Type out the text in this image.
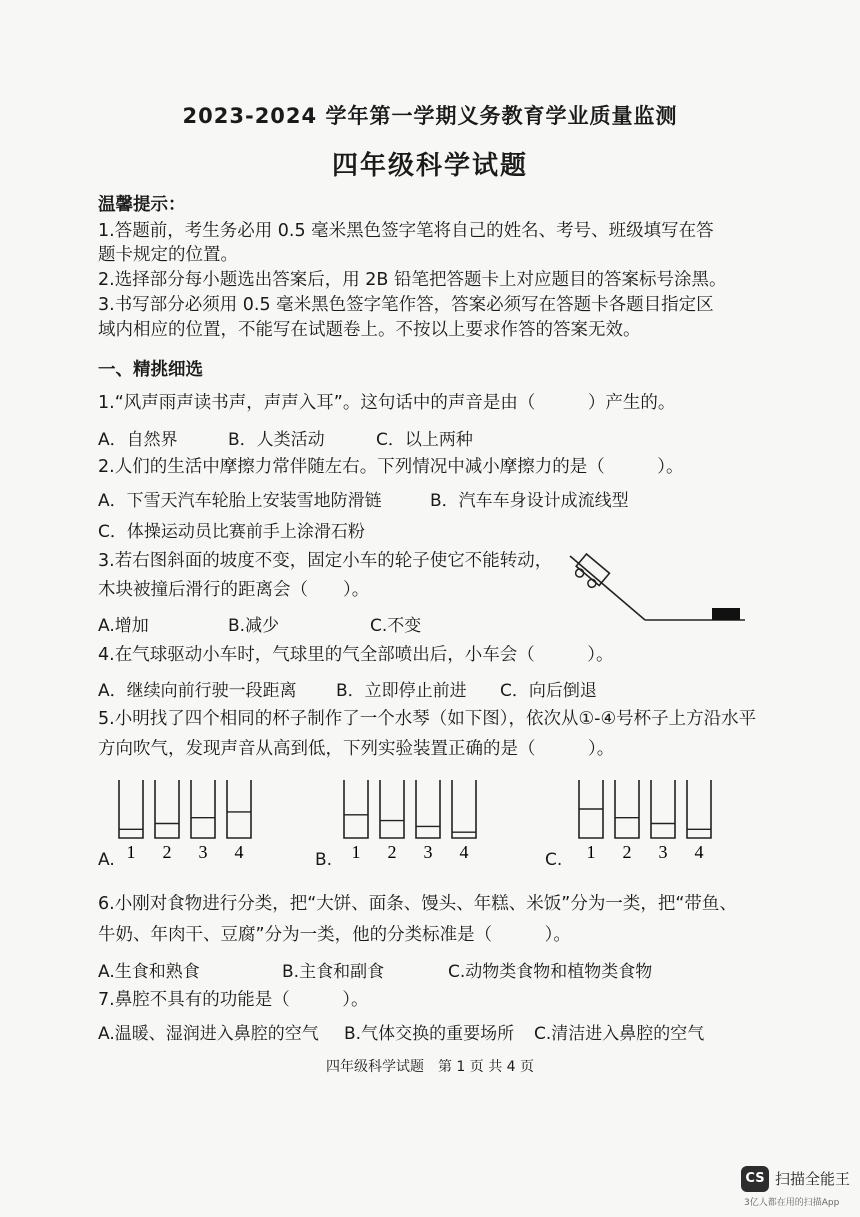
2023-2024 学年第一学期义务教育学业质量监测
四年级科学试题
温馨提示：
1.答题前，考生务必用 0.5 毫米黑色签字笔将自己的姓名、考号、班级填写在答
题卡规定的位置。
2.选择部分每小题选出答案后，用 2B 铅笔把答题卡上对应题目的答案标号涂黑。
3.书写部分必须用 0.5 毫米黑色签字笔作答，答案必须写在答题卡各题目指定区
域内相应的位置，不能写在试题卷上。不按以上要求作答的答案无效。
一、精挑细选
1.“风声雨声读书声，声声入耳”。这句话中的声音是由（　　　）产生的。
A．自然界	B．人类活动	C．以上两种
2.人们的生活中摩擦力常伴随左右。下列情况中减小摩擦力的是（　　　）。
A．下雪天汽车轮胎上安装雪地防滑链	B．汽车车身设计成流线型
C．体操运动员比赛前手上涂滑石粉
3.若右图斜面的坡度不变，固定小车的轮子使它不能转动，
木块被撞后滑行的距离会（　　）。
A.增加	B.减少	C.不变
4.在气球驱动小车时，气球里的气全部喷出后，小车会（　　　）。
A．继续向前行驶一段距离 B．立即停止前进 C．向后倒退
5.小明找了四个相同的杯子制作了一个水琴（如下图），依次从①-④号杯子上方沿水平
方向吹气，发现声音从高到低，下列实验装置正确的是（　　　）。
A. 1 2 3 4	B. 1 2 3 4	C. 1 2 3 4
6.小刚对食物进行分类，把“大饼、面条、馒头、年糕、米饭”分为一类，把“带鱼、
牛奶、年肉干、豆腐”分为一类，他的分类标准是（　　　）。
A.生食和熟食	B.主食和副食	C.动物类食物和植物类食物
7.鼻腔不具有的功能是（　　　）。
A.温暖、湿润进入鼻腔的空气 B.气体交换的重要场所 C.清洁进入鼻腔的空气
四年级科学试题　第 1 页 共 4 页
CS 扫描全能王
3亿人都在用的扫描App
